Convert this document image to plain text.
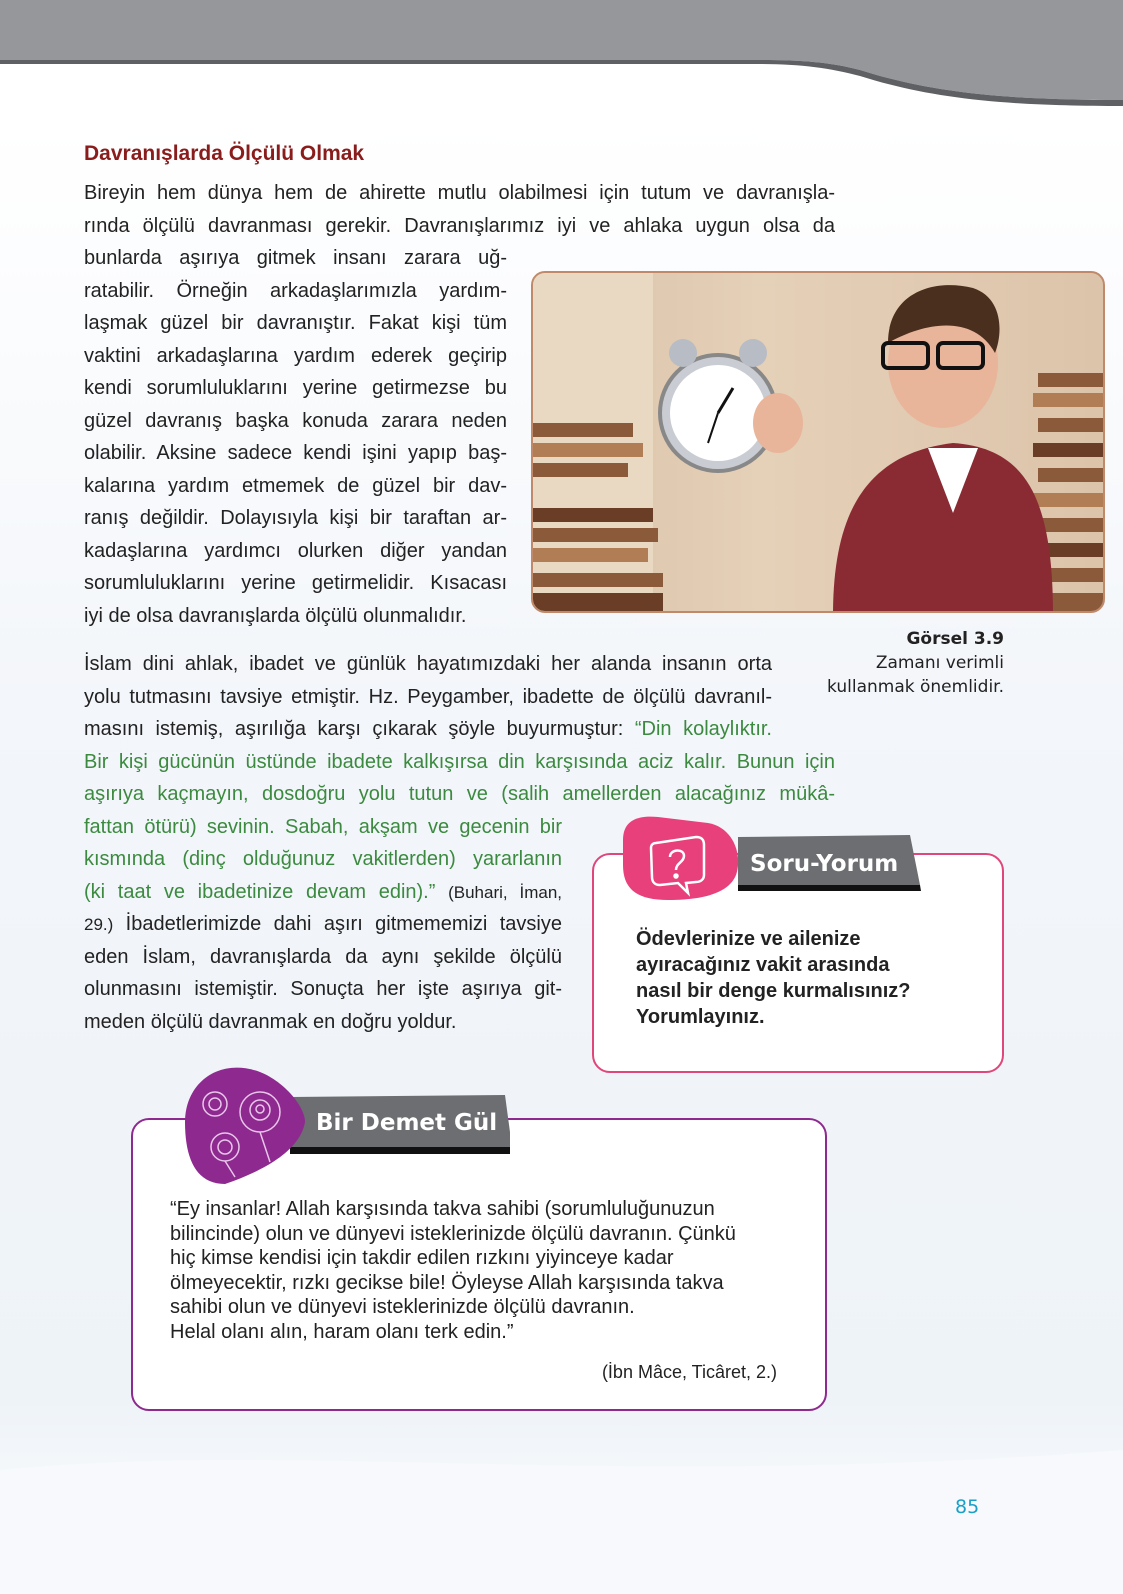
Davranışlarda Ölçülü Olmak
Bireyin hem dünya hem de ahirette mutlu olabilmesi için tutum ve davranışla-
rında ölçülü davranması gerekir. Davranışlarımız iyi ve ahlaka uygun olsa da
bunlarda aşırıya gitmek insanı zarara uğ-
ratabilir. Örneğin arkadaşlarımızla yardım-
laşmak güzel bir davranıştır. Fakat kişi tüm
vaktini arkadaşlarına yardım ederek geçirip
kendi sorumluluklarını yerine getirmezse bu
güzel davranış başka konuda zarara neden
olabilir. Aksine sadece kendi işini yapıp baş-
kalarına yardım etmemek de güzel bir dav-
ranış değildir. Dolayısıyla kişi bir taraftan ar-
kadaşlarına yardımcı olurken diğer yandan
sorumluluklarını yerine getirmelidir. Kısacası
iyi de olsa davranışlarda ölçülü olunmalıdır.
İslam dini ahlak, ibadet ve günlük hayatımızdaki her alanda insanın orta
yolu tutmasını tavsiye etmiştir. Hz. Peygamber, ibadette de ölçülü davranıl-
masını istemiş, aşırılığa karşı çıkarak şöyle buyurmuştur: “Din kolaylıktır.
Bir kişi gücünün üstünde ibadete kalkışırsa din karşısında aciz kalır. Bunun için
aşırıya kaçmayın, dosdoğru yolu tutun ve (salih amellerden alacağınız mükâ-
fattan ötürü) sevinin. Sabah, akşam ve gecenin bir
kısmında (dinç olduğunuz vakitlerden) yararlanın
(ki taat ve ibadetinize devam edin).” (Buhari, İman,
29.) İbadetlerimizde dahi aşırı gitmememizi tavsiye
eden İslam, davranışlarda da aynı şekilde ölçülü
olunmasını istemiştir. Sonuçta her işte aşırıya git-
meden ölçülü davranmak en doğru yoldur.
Görsel 3.9
Zamanı verimli
kullanmak önemlidir.
Soru-Yorum
Ödevlerinize ve ailenize
ayıracağınız vakit arasında
nasıl bir denge kurmalısınız?
Yorumlayınız.
Bir Demet Gül
“Ey insanlar! Allah karşısında takva sahibi (sorumluluğunuzun
bilincinde) olun ve dünyevi isteklerinizde ölçülü davranın. Çünkü
hiç kimse kendisi için takdir edilen rızkını yiyinceye kadar
ölmeyecektir, rızkı gecikse bile! Öyleyse Allah karşısında takva
sahibi olun ve dünyevi isteklerinizde ölçülü davranın.
Helal olanı alın, haram olanı terk edin.”
(İbn Mâce, Ticâret, 2.)
85
